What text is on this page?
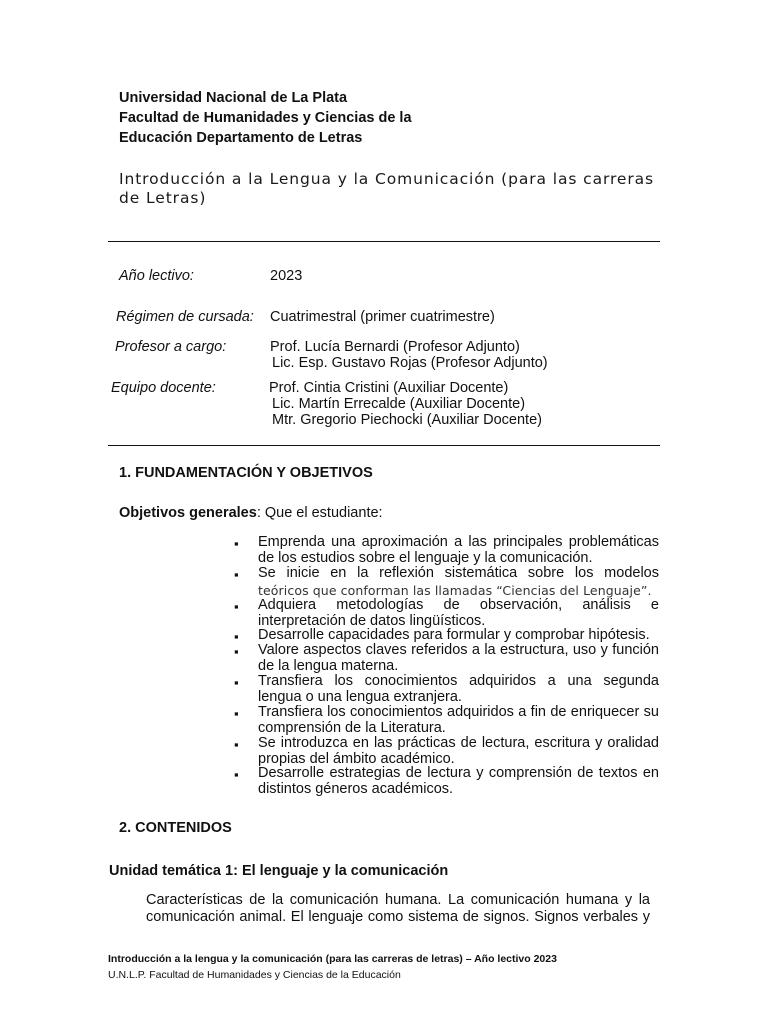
Universidad Nacional de La Plata
Facultad de Humanidades y Ciencias de la
Educación Departamento de Letras
Introducción a la Lengua y la Comunicación (para las carreras de Letras)
Año lectivo:	2023
Régimen de cursada: Cuatrimestral (primer cuatrimestre)
Profesor a cargo:	Prof. Lucía Bernardi (Profesor Adjunto)
Lic. Esp. Gustavo Rojas (Profesor Adjunto)
Equipo docente:	Prof. Cintia Cristini (Auxiliar Docente)
Lic. Martín Errecalde (Auxiliar Docente)
Mtr. Gregorio Piechocki (Auxiliar Docente)
1. FUNDAMENTACIÓN Y OBJETIVOS
Objetivos generales: Que el estudiante:
▪ Emprenda una aproximación a las principales problemáticas de los estudios sobre el lenguaje y la comunicación.
▪ Se inicie en la reflexión sistemática sobre los modelos
teóricos que conforman las llamadas “Ciencias del Lenguaje”.
▪ Adquiera metodologías de observación, análisis e interpretación de datos lingüísticos.
▪ Desarrolle capacidades para formular y comprobar hipótesis.
▪ Valore aspectos claves referidos a la estructura, uso y función de la lengua materna.
▪ Transfiera los conocimientos adquiridos a una segunda lengua o una lengua extranjera.
▪ Transfiera los conocimientos adquiridos a fin de enriquecer su comprensión de la Literatura.
▪ Se introduzca en las prácticas de lectura, escritura y oralidad propias del ámbito académico.
▪ Desarrolle estrategias de lectura y comprensión de textos en distintos géneros académicos.
2. CONTENIDOS
Unidad temática 1: El lenguaje y la comunicación
Características de la comunicación humana. La comunicación humana y la
comunicación animal. El lenguaje como sistema de signos. Signos verbales y
Introducción a la lengua y la comunicación (para las carreras de letras) – Año lectivo 2023
U.N.L.P. Facultad de Humanidades y Ciencias de la Educación
